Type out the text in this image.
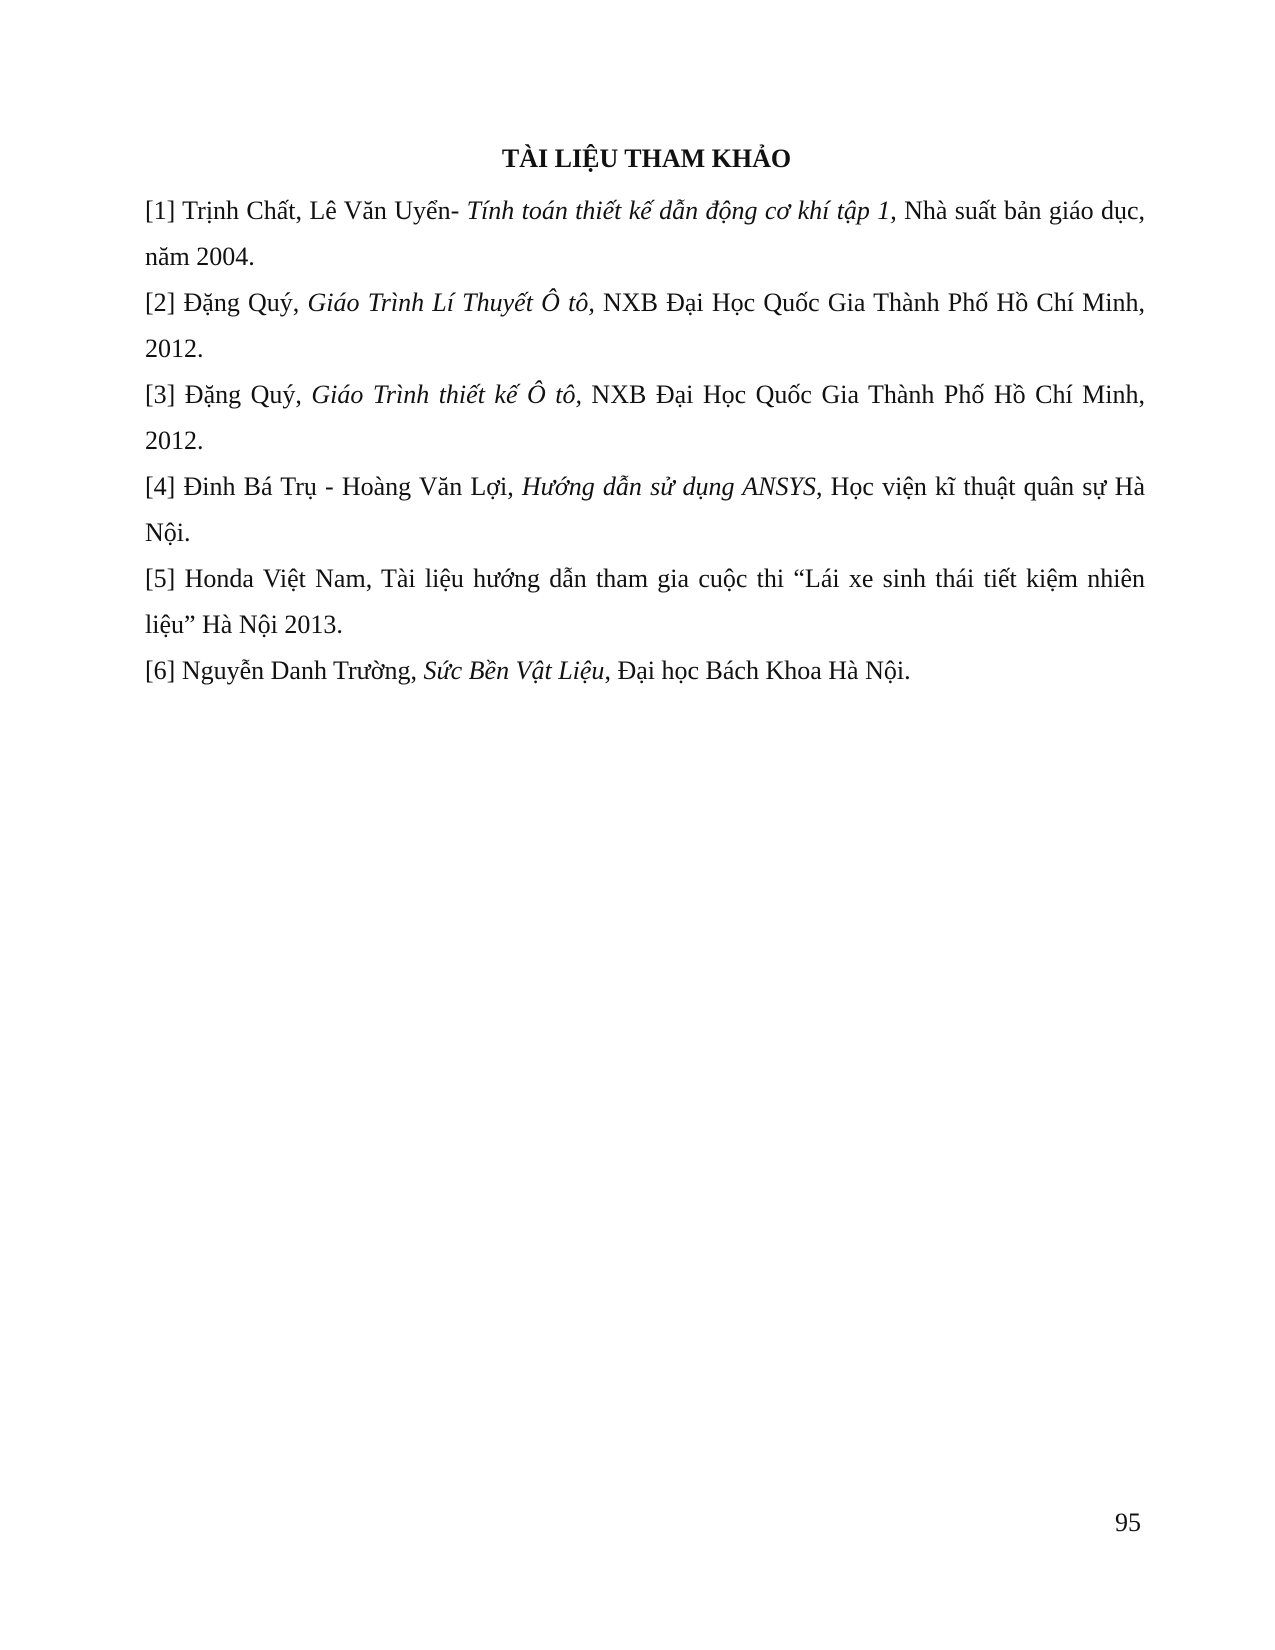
TÀI LIỆU THAM KHẢO

[1] Trịnh Chất, Lê Văn Uyển- Tính toán thiết kế dẫn động cơ khí tập 1, Nhà suất bản giáo dục, năm 2004.

[2] Đặng Quý, Giáo Trình Lí Thuyết Ô tô, NXB Đại Học Quốc Gia Thành Phố Hồ Chí Minh, 2012.

[3] Đặng Quý, Giáo Trình thiết kế Ô tô, NXB Đại Học Quốc Gia Thành Phố Hồ Chí Minh, 2012.

[4] Đinh Bá Trụ - Hoàng Văn Lợi, Hướng dẫn sử dụng ANSYS, Học viện kĩ thuật quân sự Hà Nội.

[5] Honda Việt Nam, Tài liệu hướng dẫn tham gia cuộc thi “Lái xe sinh thái tiết kiệm nhiên liệu” Hà Nội 2013.

[6] Nguyễn Danh Trường, Sức Bền Vật Liệu, Đại học Bách Khoa Hà Nội.

95
